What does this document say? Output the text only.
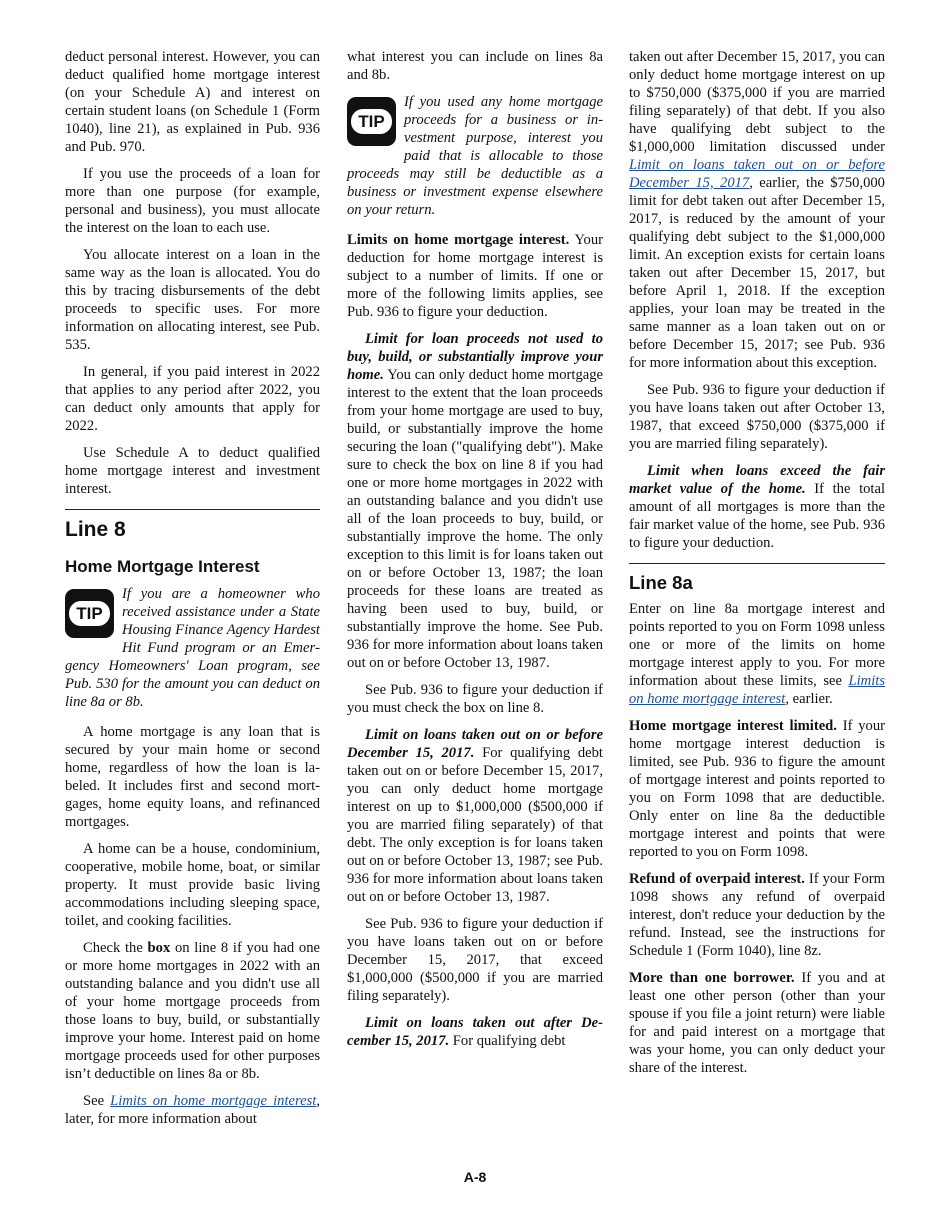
deduct personal interest. However, you can deduct qualified home mortgage interest (on your Schedule A) and interest on certain student loans (on Schedule 1 (Form 1040), line 21), as explained in Pub. 936 and Pub. 970.

If you use the proceeds of a loan for more than one purpose (for example, personal and business), you must allocate the interest on the loan to each use.

You allocate interest on a loan in the same way as the loan is allocated. You do this by tracing disbursements of the debt proceeds to specific uses. For more information on allocating interest, see Pub. 535.

In general, if you paid interest in 2022 that applies to any period after 2022, you can deduct only amounts that apply for 2022.

Use Schedule A to deduct qualified home mortgage interest and investment interest.

Line 8
Home Mortgage Interest
TIP
If you are a homeowner who received assistance under a State Housing Finance Agency Hardest Hit Fund program or an Emergency Homeowners' Loan program, see Pub. 530 for the amount you can deduct on line 8a or 8b.

A home mortgage is any loan that is secured by your main home or second home, regardless of how the loan is labeled. It includes first and second mortgages, home equity loans, and refinanced mortgages.

A home can be a house, condominium, cooperative, mobile home, boat, or similar property. It must provide basic living accommodations including sleeping space, toilet, and cooking facilities.

Check the box on line 8 if you had one or more home mortgages in 2022 with an outstanding balance and you didn't use all of your home mortgage proceeds from those loans to buy, build, or substantially improve your home. Interest paid on home mortgage proceeds used for other purposes isn’t deductible on lines 8a or 8b.

See Limits on home mortgage interest, later, for more information about

what interest you can include on lines 8a and 8b.

TIP
If you used any home mortgage proceeds for a business or investment purpose, interest you paid that is allocable to those proceeds may still be deductible as a business or investment expense elsewhere on your return.

Limits on home mortgage interest. Your deduction for home mortgage interest is subject to a number of limits. If one or more of the following limits applies, see Pub. 936 to figure your deduction.

Limit for loan proceeds not used to buy, build, or substantially improve your home. You can only deduct home mortgage interest to the extent that the loan proceeds from your home mortgage are used to buy, build, or substantially improve the home securing the loan ("qualifying debt"). Make sure to check the box on line 8 if you had one or more home mortgages in 2022 with an outstanding balance and you didn't use all of the loan proceeds to buy, build, or substantially improve the home. The only exception to this limit is for loans taken out on or before October 13, 1987; the loan proceeds for these loans are treated as having been used to buy, build, or substantially improve the home. See Pub. 936 for more information about loans taken out on or before October 13, 1987.

See Pub. 936 to figure your deduction if you must check the box on line 8.

Limit on loans taken out on or before December 15, 2017. For qualifying debt taken out on or before December 15, 2017, you can only deduct home mortgage interest on up to $1,000,000 ($500,000 if you are married filing separately) of that debt. The only exception is for loans taken out on or before October 13, 1987; see Pub. 936 for more information about loans taken out on or before October 13, 1987.

See Pub. 936 to figure your deduction if you have loans taken out on or before December 15, 2017, that exceed $1,000,000 ($500,000 if you are married filing separately).

Limit on loans taken out after December 15, 2017. For qualifying debt

taken out after December 15, 2017, you can only deduct home mortgage interest on up to $750,000 ($375,000 if you are married filing separately) of that debt. If you also have qualifying debt subject to the $1,000,000 limitation discussed under Limit on loans taken out on or before December 15, 2017, earlier, the $750,000 limit for debt taken out after December 15, 2017, is reduced by the amount of your qualifying debt subject to the $1,000,000 limit. An exception exists for certain loans taken out after December 15, 2017, but before April 1, 2018. If the exception applies, your loan may be treated in the same manner as a loan taken out on or before December 15, 2017; see Pub. 936 for more information about this exception.

See Pub. 936 to figure your deduction if you have loans taken out after October 13, 1987, that exceed $750,000 ($375,000 if you are married filing separately).

Limit when loans exceed the fair market value of the home. If the total amount of all mortgages is more than the fair market value of the home, see Pub. 936 to figure your deduction.

Line 8a

Enter on line 8a mortgage interest and points reported to you on Form 1098 unless one or more of the limits on home mortgage interest apply to you. For more information about these limits, see Limits on home mortgage interest, earlier.

Home mortgage interest limited. If your home mortgage interest deduction is limited, see Pub. 936 to figure the amount of mortgage interest and points reported to you on Form 1098 that are deductible. Only enter on line 8a the deductible mortgage interest and points that were reported to you on Form 1098.

Refund of overpaid interest. If your Form 1098 shows any refund of overpaid interest, don't reduce your deduction by the refund. Instead, see the instructions for Schedule 1 (Form 1040), line 8z.

More than one borrower. If you and at least one other person (other than your spouse if you file a joint return) were liable for and paid interest on a mortgage that was your home, you can only deduct your share of the interest.

A-8
